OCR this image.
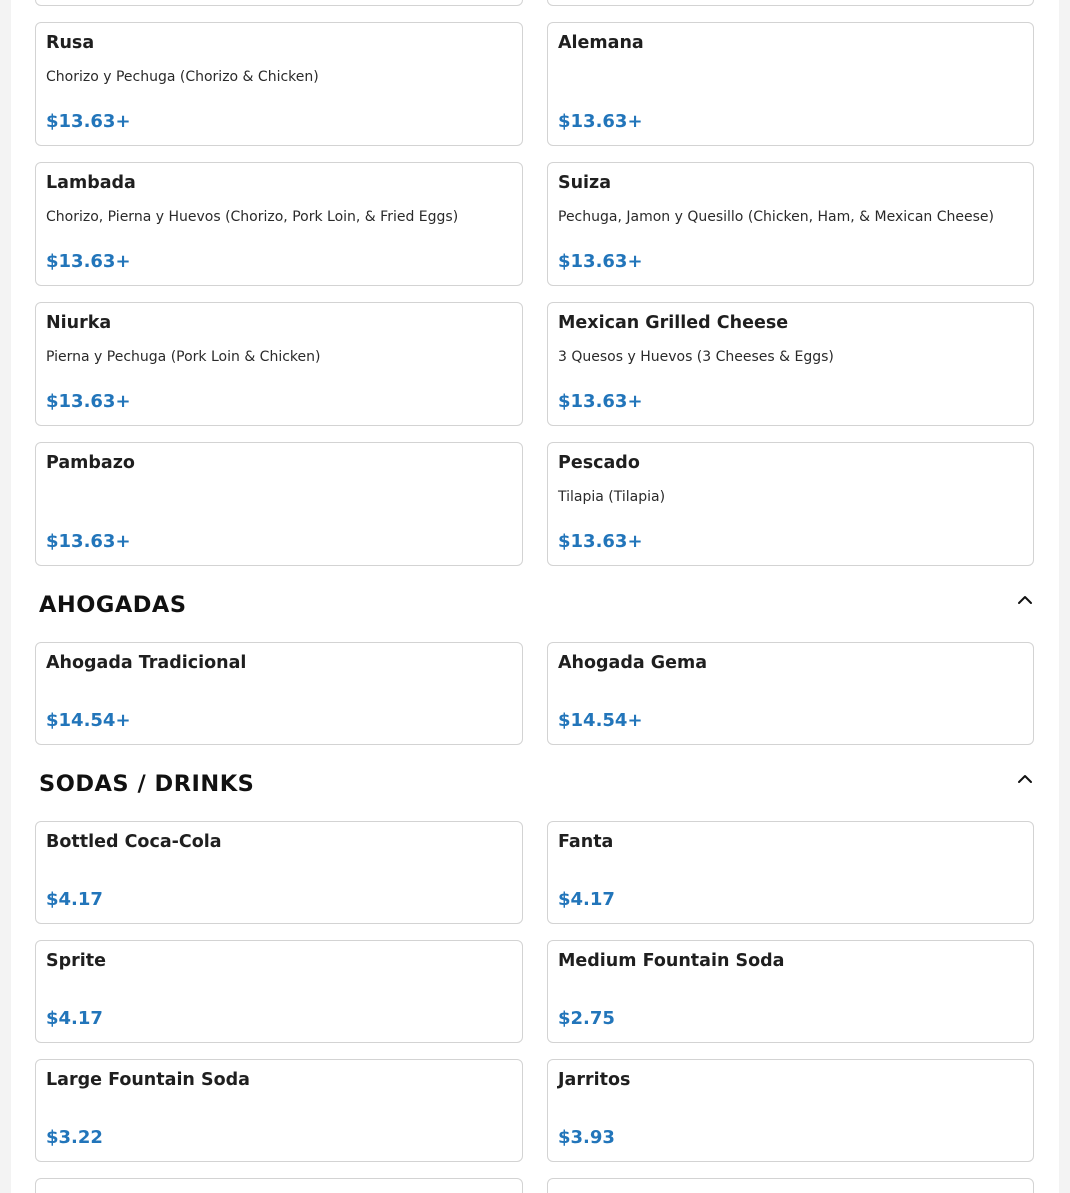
Rusa
Chorizo y Pechuga (Chorizo & Chicken)
$13.63+
Alemana
$13.63+
Lambada
Chorizo, Pierna y Huevos (Chorizo, Pork Loin, & Fried Eggs)
$13.63+
Suiza
Pechuga, Jamon y Quesillo (Chicken, Ham, & Mexican Cheese)
$13.63+
Niurka
Pierna y Pechuga (Pork Loin & Chicken)
$13.63+
Mexican Grilled Cheese
3 Quesos y Huevos (3 Cheeses & Eggs)
$13.63+
Pambazo
$13.63+
Pescado
Tilapia (Tilapia)
$13.63+
AHOGADAS
Ahogada Tradicional
$14.54+
Ahogada Gema
$14.54+
SODAS / DRINKS
Bottled Coca-Cola
$4.17
Fanta
$4.17
Sprite
$4.17
Medium Fountain Soda
$2.75
Large Fountain Soda
$3.22
Jarritos
$3.93
